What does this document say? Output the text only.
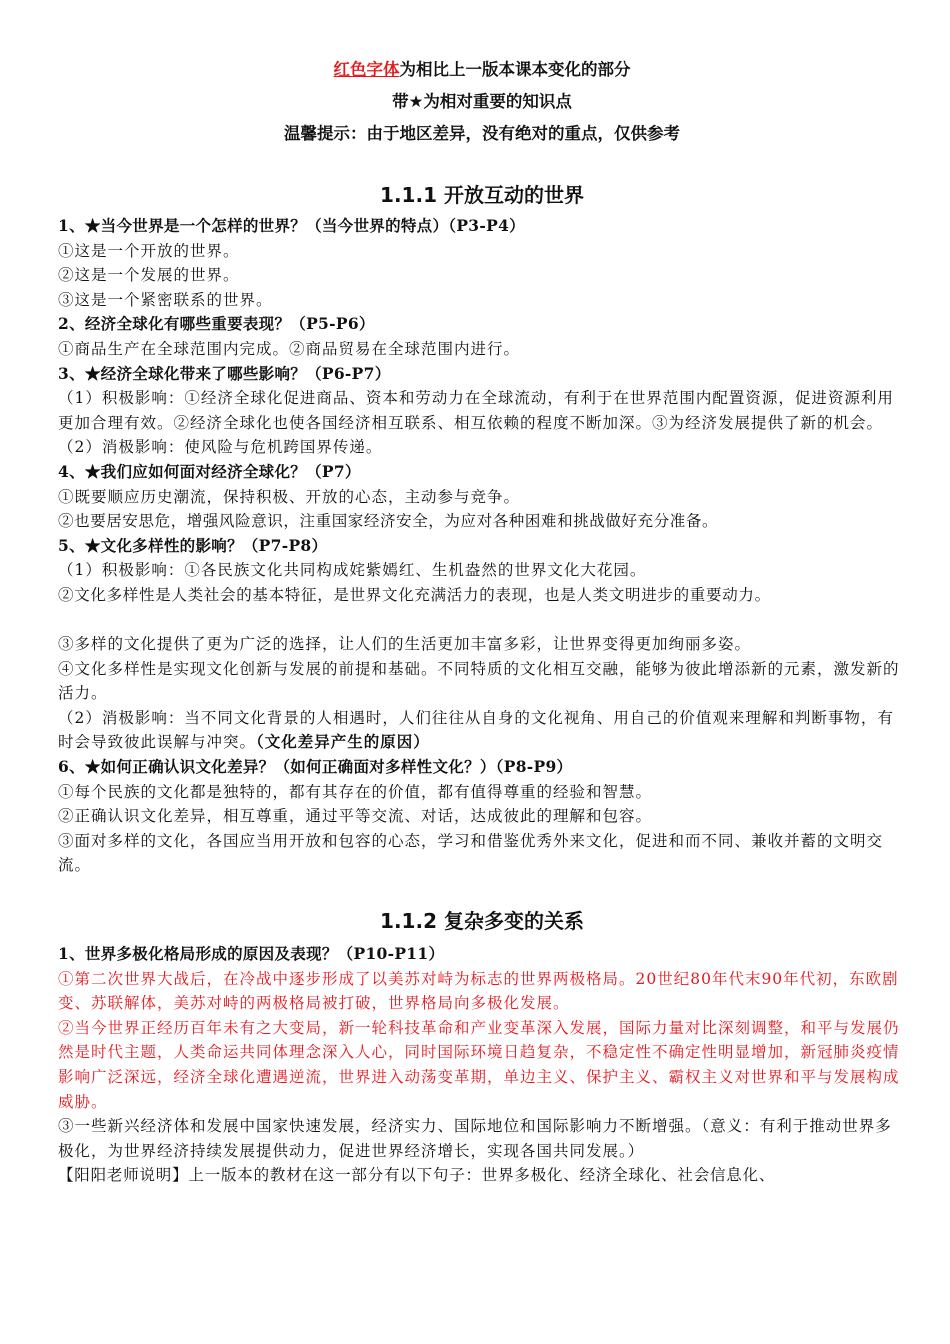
红色字体为相比上一版本课本变化的部分
带★为相对重要的知识点
温馨提示：由于地区差异，没有绝对的重点，仅供参考
1.1.1 开放互动的世界
1、★当今世界是一个怎样的世界？（当今世界的特点）（P3-P4）
①这是一个开放的世界。
②这是一个发展的世界。
③这是一个紧密联系的世界。
2、经济全球化有哪些重要表现？（P5-P6）
①商品生产在全球范围内完成。②商品贸易在全球范围内进行。
3、★经济全球化带来了哪些影响？（P6-P7）
（1）积极影响：①经济全球化促进商品、资本和劳动力在全球流动，有利于在世界范围内配置资源，促进资源利用更加合理有效。②经济全球化也使各国经济相互联系、相互依赖的程度不断加深。③为经济发展提供了新的机会。
（2）消极影响：使风险与危机跨国界传递。
4、★我们应如何面对经济全球化？（P7）
①既要顺应历史潮流，保持积极、开放的心态，主动参与竞争。
②也要居安思危，增强风险意识，注重国家经济安全，为应对各种困难和挑战做好充分准备。
5、★文化多样性的影响？（P7-P8）
（1）积极影响：①各民族文化共同构成姹紫嫣红、生机盎然的世界文化大花园。
②文化多样性是人类社会的基本特征，是世界文化充满活力的表现，也是人类文明进步的重要动力。
③多样的文化提供了更为广泛的选择，让人们的生活更加丰富多彩，让世界变得更加绚丽多姿。
④文化多样性是实现文化创新与发展的前提和基础。不同特质的文化相互交融，能够为彼此增添新的元素，激发新的活力。
（2）消极影响：当不同文化背景的人相遇时，人们往往从自身的文化视角、用自己的价值观来理解和判断事物，有时会导致彼此误解与冲突。（文化差异产生的原因）
6、★如何正确认识文化差异？（如何正确面对多样性文化？）（P8-P9）
①每个民族的文化都是独特的，都有其存在的价值，都有值得尊重的经验和智慧。
②正确认识文化差异，相互尊重，通过平等交流、对话，达成彼此的理解和包容。
③面对多样的文化，各国应当用开放和包容的心态，学习和借鉴优秀外来文化，促进和而不同、兼收并蓄的文明交流。
1.1.2 复杂多变的关系
1、世界多极化格局形成的原因及表现？（P10-P11）
①第二次世界大战后，在冷战中逐步形成了以美苏对峙为标志的世界两极格局。20世纪80年代末90年代初，东欧剧变、苏联解体，美苏对峙的两极格局被打破，世界格局向多极化发展。
②当今世界正经历百年未有之大变局，新一轮科技革命和产业变革深入发展，国际力量对比深刻调整，和平与发展仍然是时代主题，人类命运共同体理念深入人心，同时国际环境日趋复杂，不稳定性不确定性明显增加，新冠肺炎疫情影响广泛深远，经济全球化遭遇逆流，世界进入动荡变革期，单边主义、保护主义、霸权主义对世界和平与发展构成威胁。
③一些新兴经济体和发展中国家快速发展，经济实力、国际地位和国际影响力不断增强。（意义：有利于推动世界多极化，为世界经济持续发展提供动力，促进世界经济增长，实现各国共同发展。）
【阳阳老师说明】上一版本的教材在这一部分有以下句子：世界多极化、经济全球化、社会信息化、
